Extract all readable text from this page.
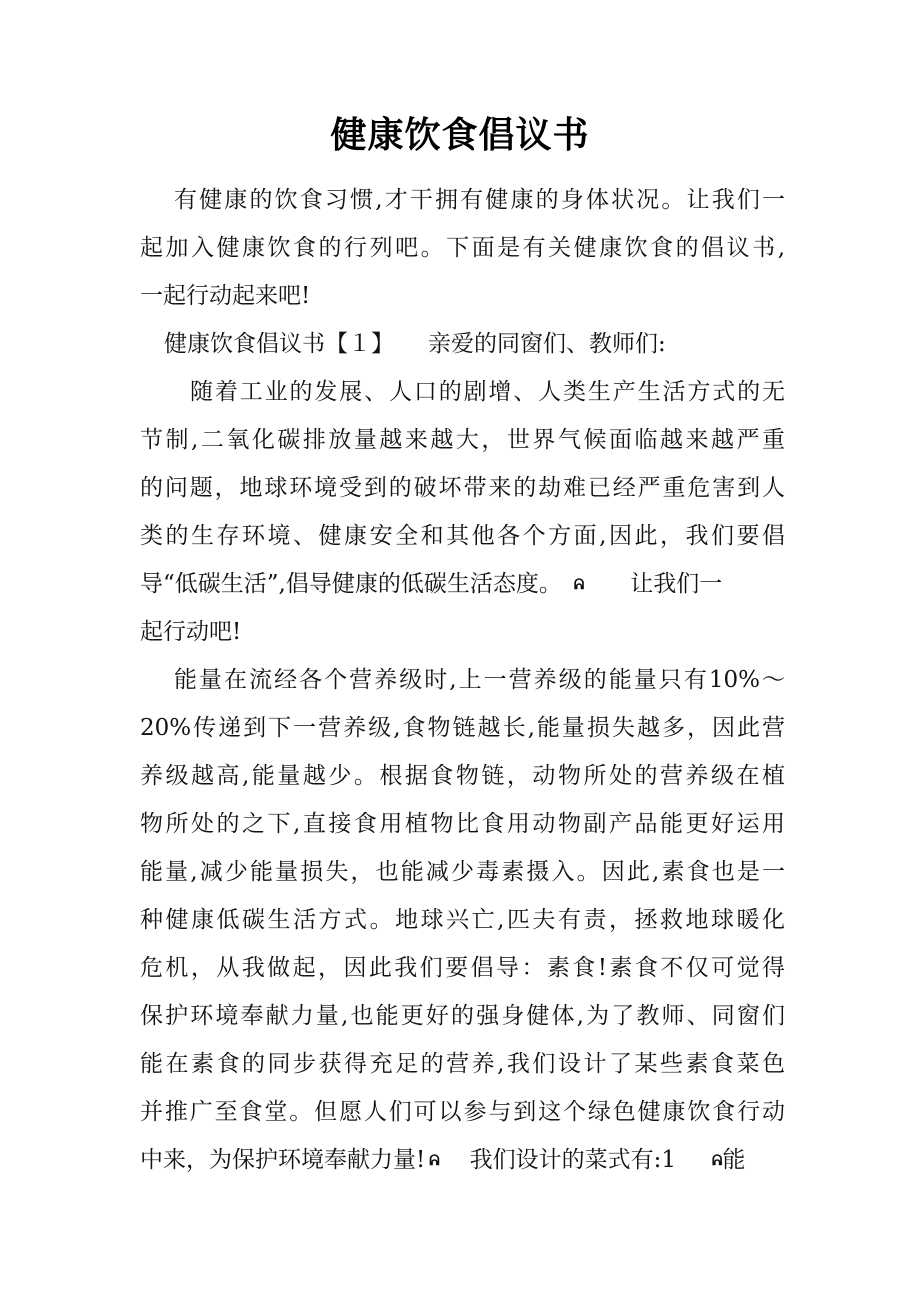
健康饮食倡议书
有健康的饮食习惯,才干拥有健康的身体状况。让我们一
起加入健康饮食的行列吧。下面是有关健康饮食的倡议书,
一起行动起来吧!
健康饮食倡议书【１】 亲爱的同窗们、教师们:
随着工业的发展、人口的剧增、人类生产生活方式的无
节制,二氧化碳排放量越来越大，世界气候面临越来越严重
的问题，地球环境受到的破坏带来的劫难已经严重危害到人
类的生存环境、健康安全和其他各个方面,因此，我们要倡
导“低碳生活”,倡导健康的低碳生活态度。 ᕱ 让我们一
起行动吧!
能量在流经各个营养级时,上一营养级的能量只有10%～
20%传递到下一营养级,食物链越长,能量损失越多，因此营
养级越高,能量越少。根据食物链，动物所处的营养级在植
物所处的之下,直接食用植物比食用动物副产品能更好运用
能量,减少能量损失，也能减少毒素摄入。因此,素食也是一
种健康低碳生活方式。地球兴亡,匹夫有责，拯救地球暖化
危机，从我做起，因此我们要倡导：素食!素食不仅可觉得
保护环境奉献力量,也能更好的强身健体,为了教师、同窗们
能在素食的同步获得充足的营养,我们设计了某些素食菜色
并推广至食堂。但愿人们可以参与到这个绿色健康饮食行动
中来，为保护环境奉献力量! ᕱ 我们设计的菜式有:1	ᕱ能
